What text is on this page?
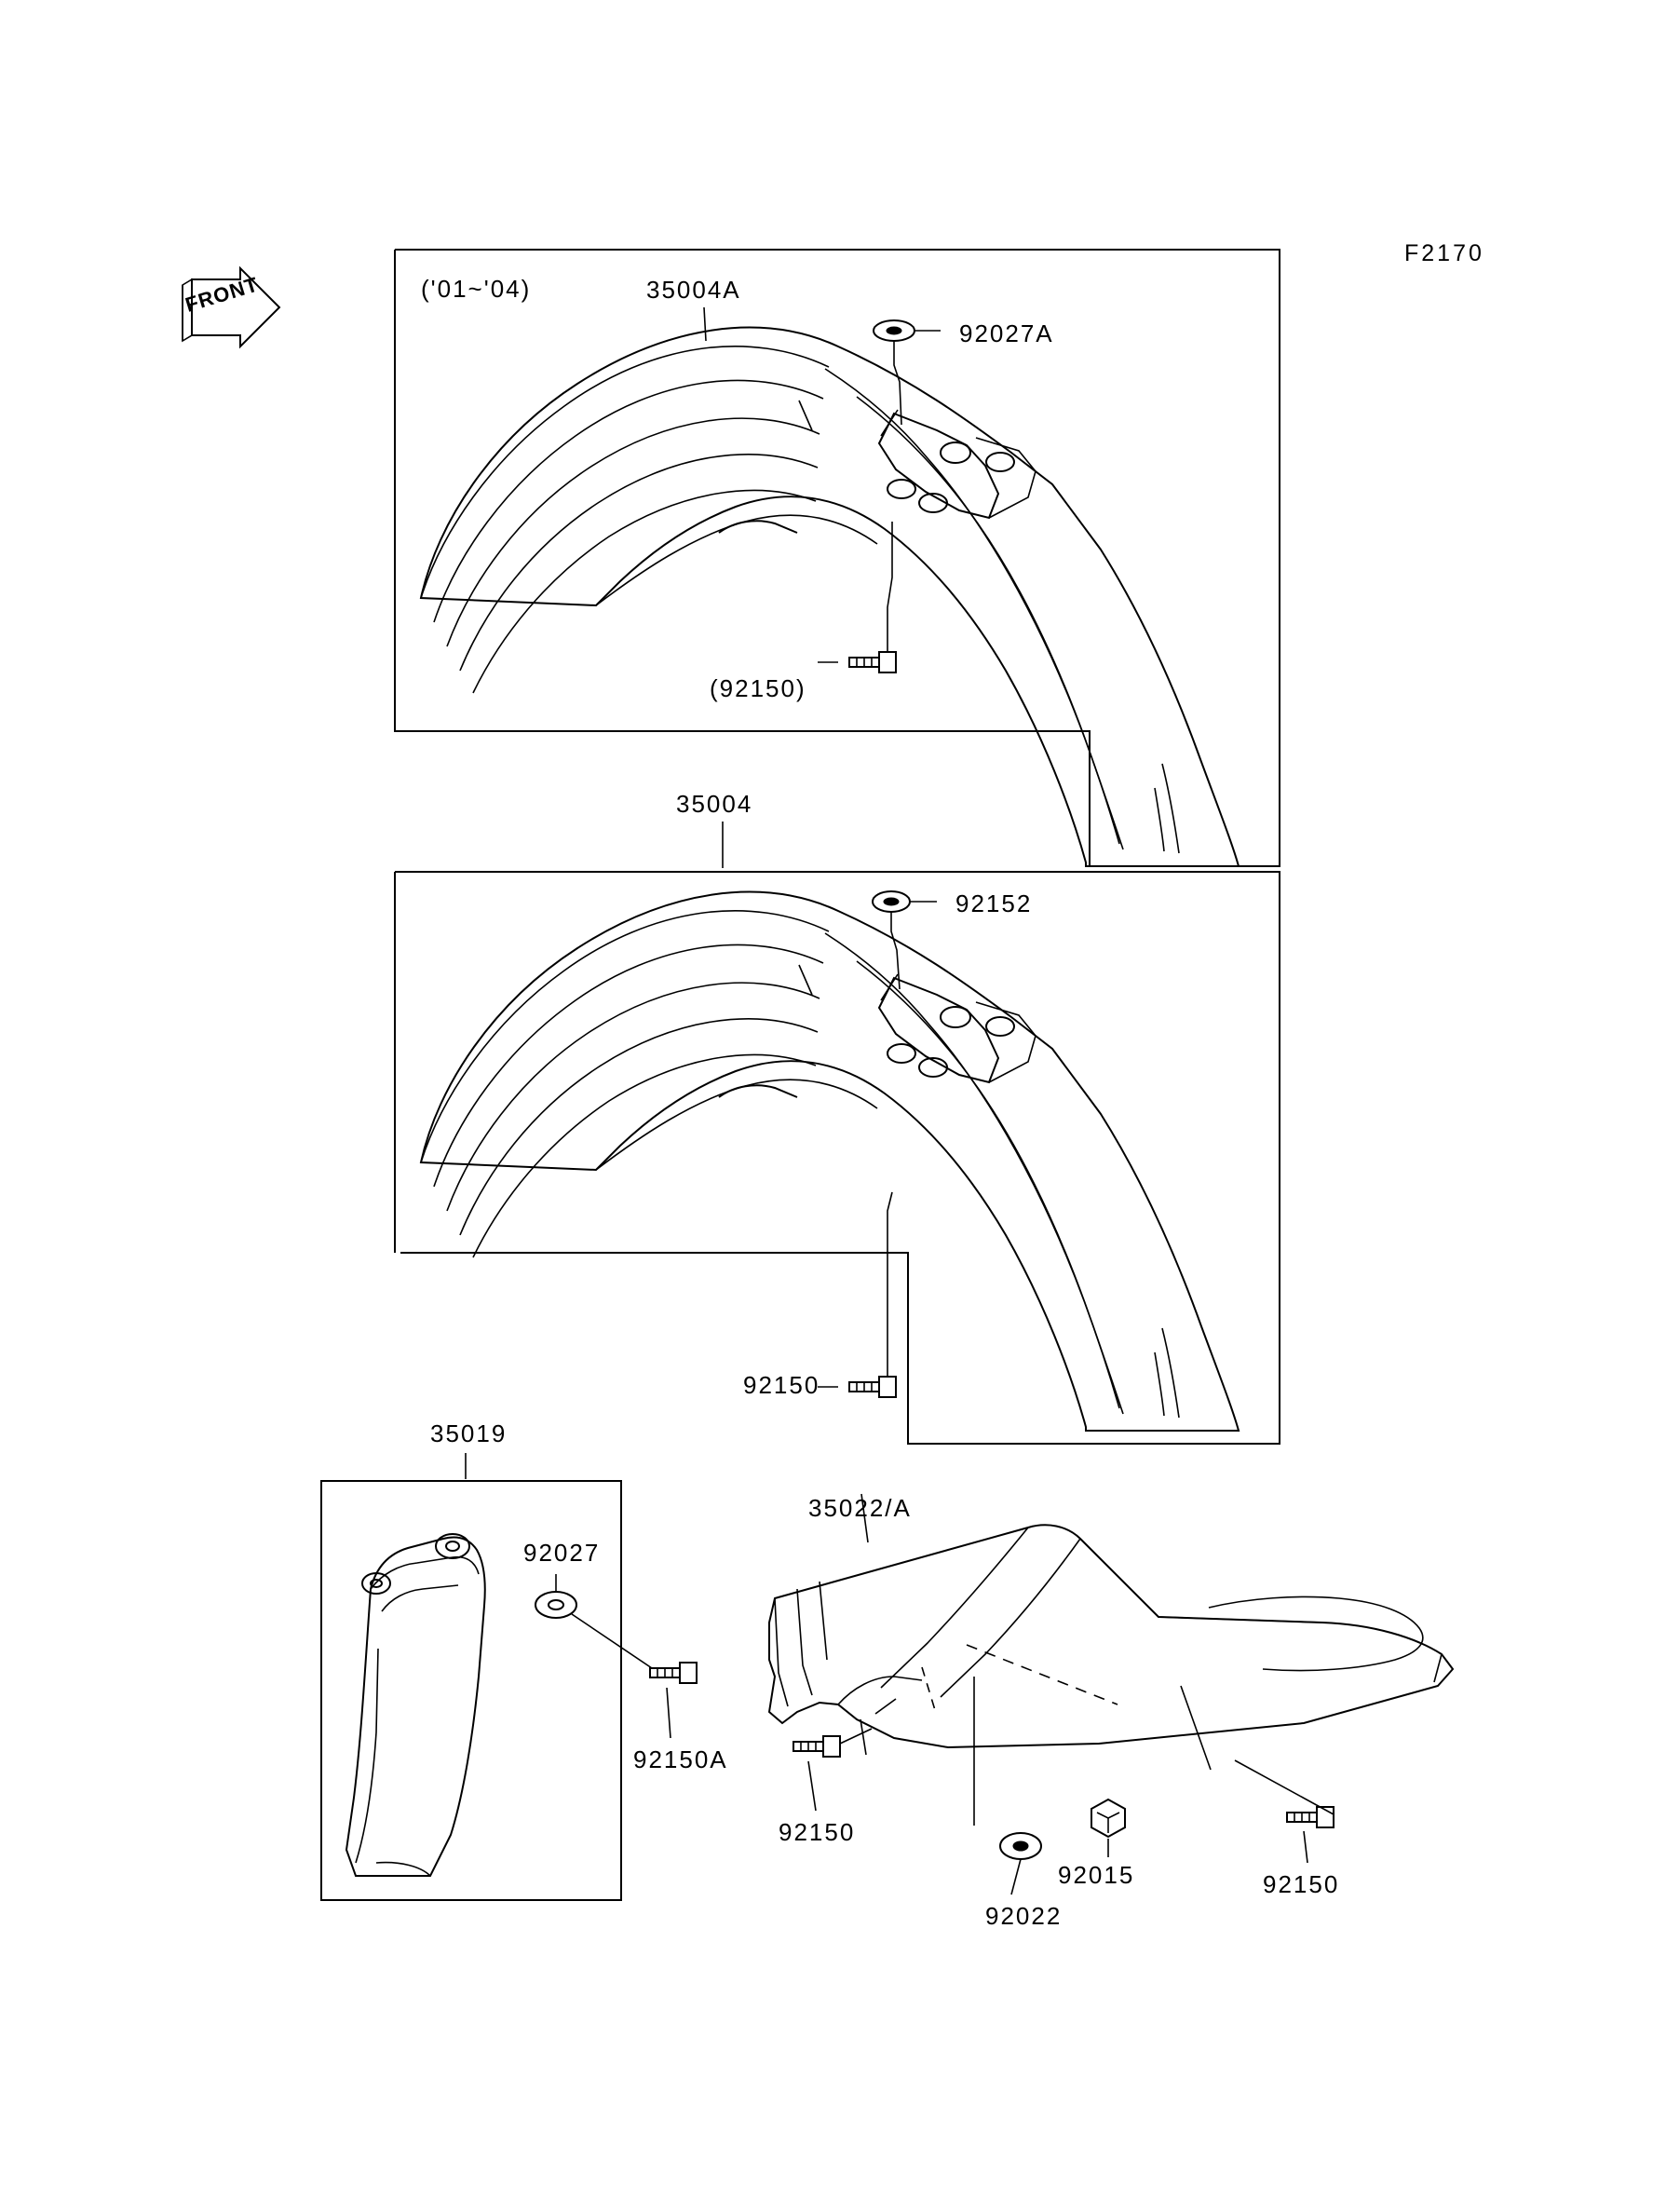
F2170
FRONT	('01~'04)	35004A
92027A
(92150)
35004
92152
92150
35019
92027
92150A
35022/A
92150
92022
92015	92150
